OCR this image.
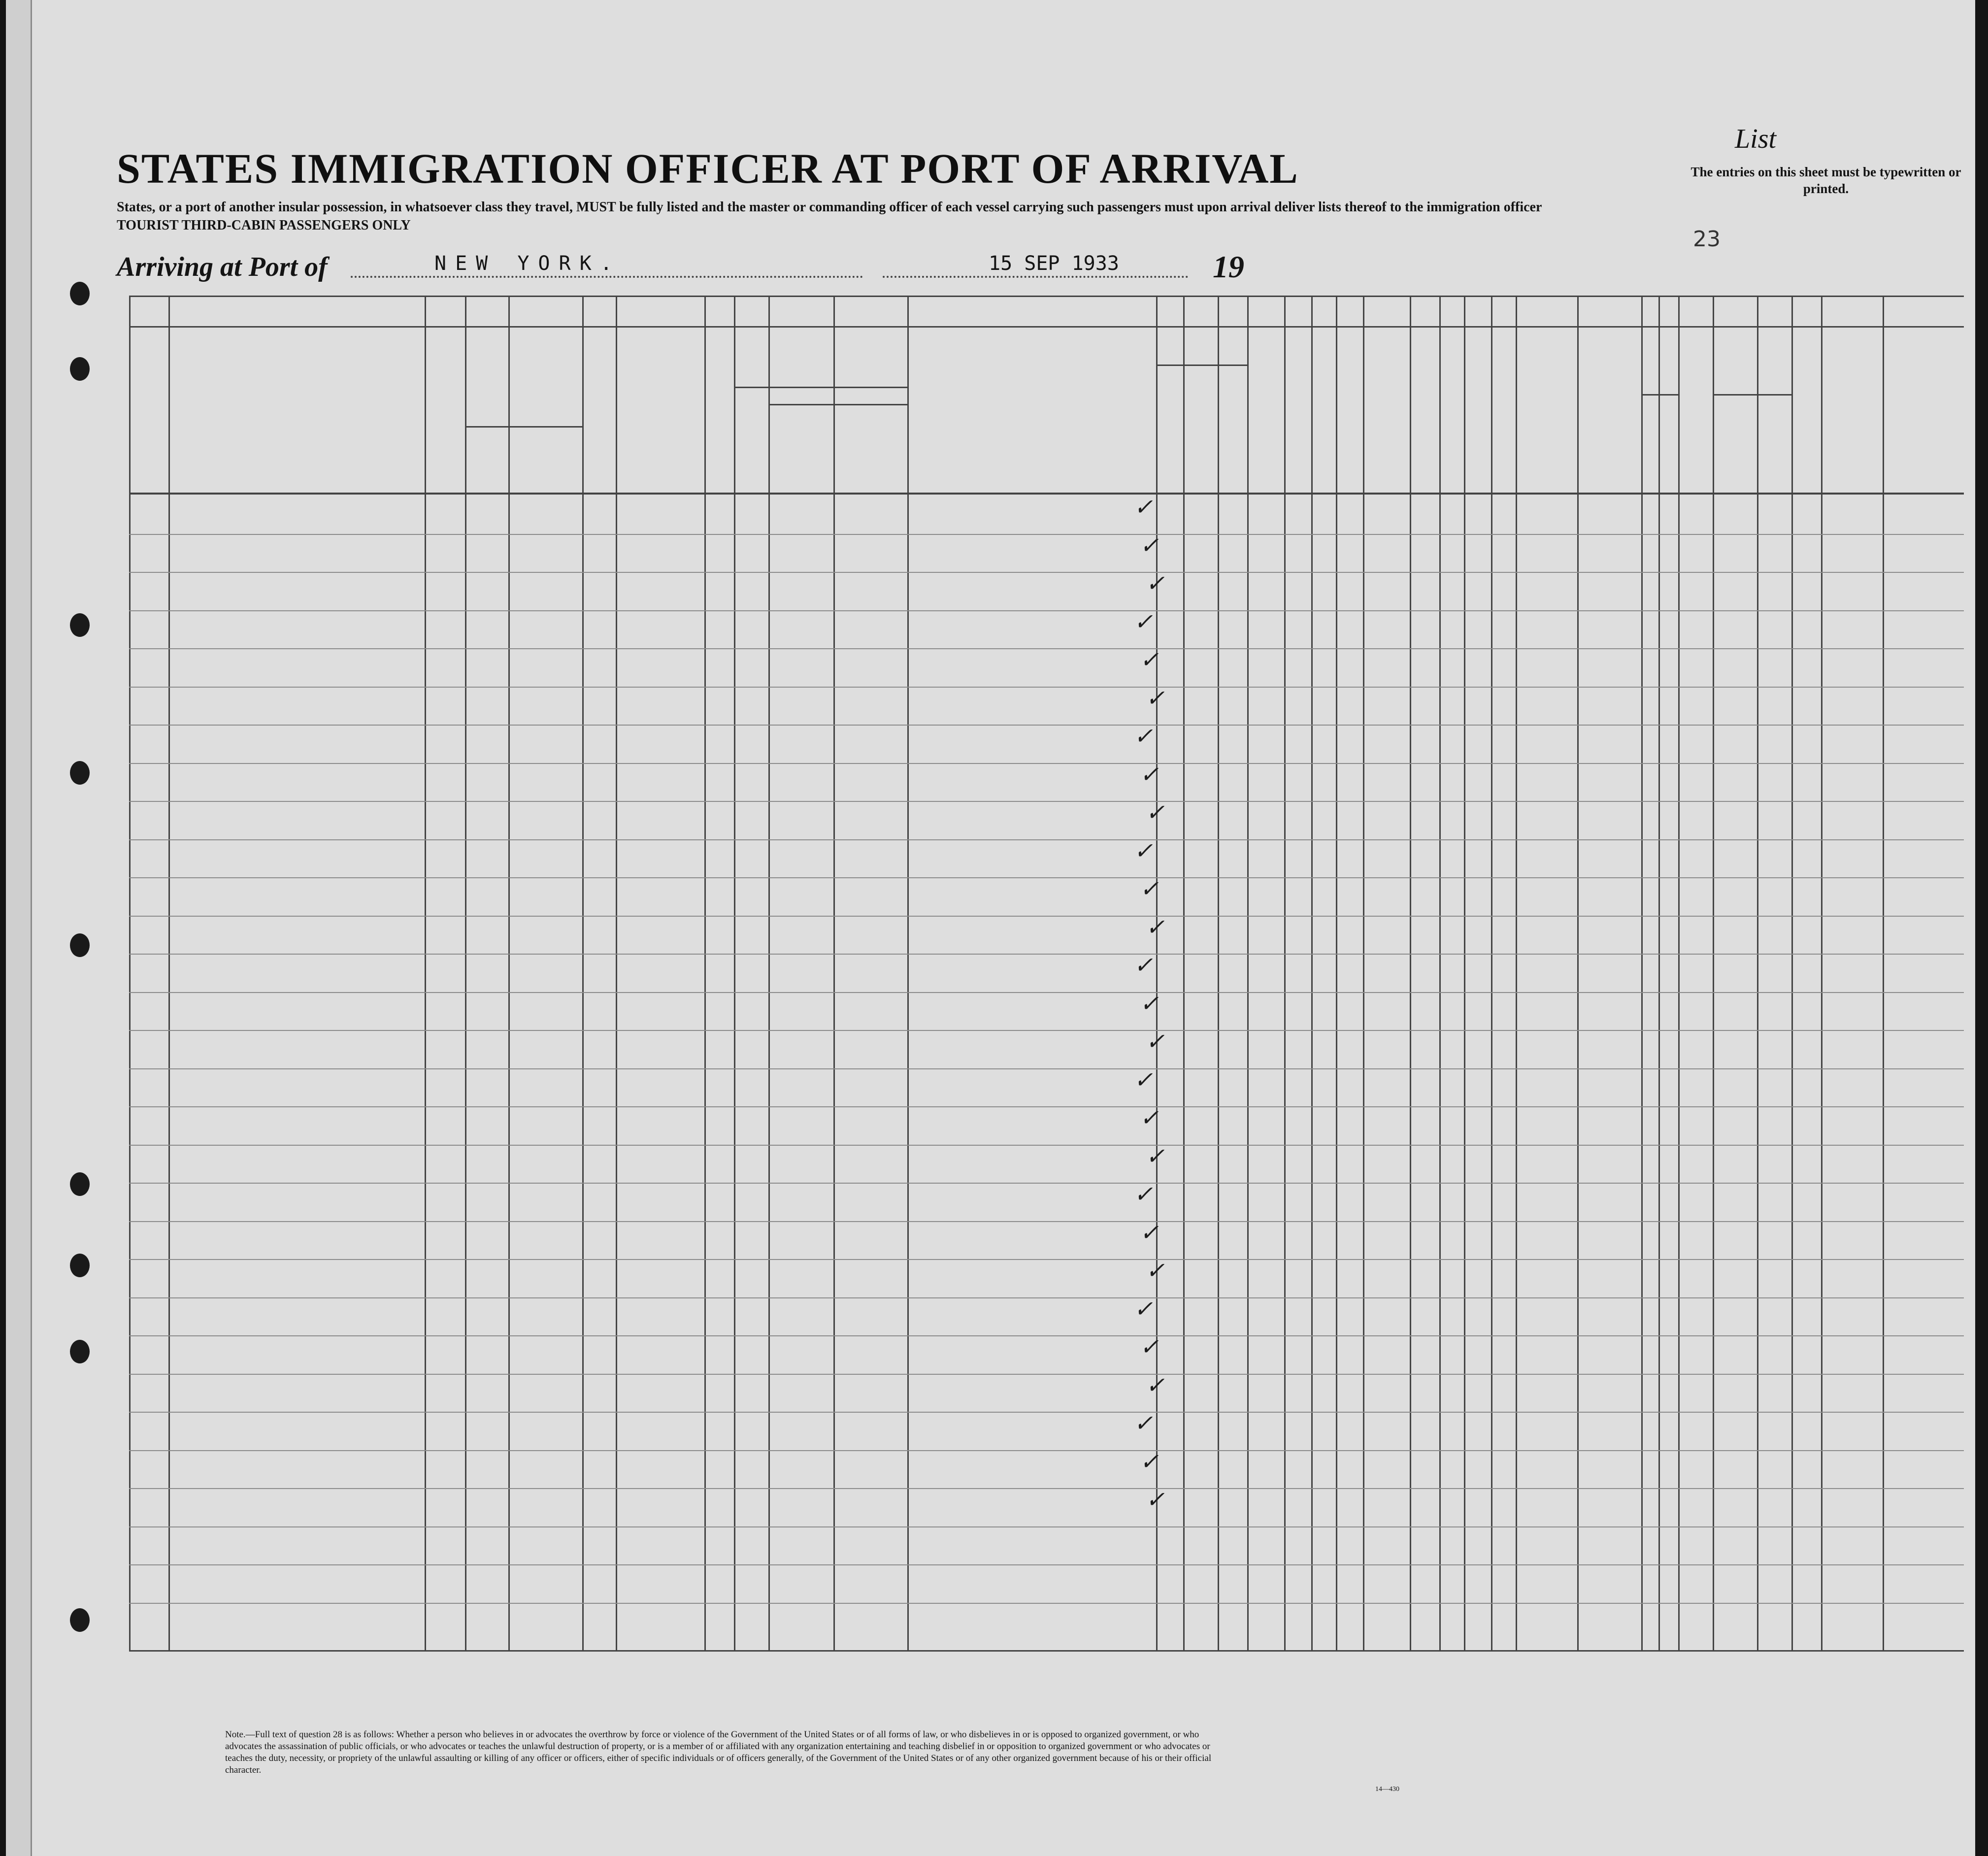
List
The entries on this sheet must be typewritten or printed.
23
STATES IMMIGRATION OFFICER AT PORT OF ARRIVAL
States, or a port of another insular possession, in whatsoever class they travel, MUST be fully listed and the master or commanding officer of each vessel carrying such passengers must upon arrival deliver lists thereof to the immigration officer
TOURIST THIRD-CABIN PASSENGERS ONLY
Arriving at Port of	NEW YORK.	15 SEP 1933	19
✓
✓
✓
✓
✓
✓
✓
✓
✓
✓
✓
✓
✓
✓
✓
✓
✓
✓
✓
✓
✓
✓
✓
✓
✓
✓
✓
Note.—Full text of question 28 is as follows: Whether a person who believes in or advocates the overthrow by force or violence of the Government of the United States or of all forms of law, or who disbelieves in or is opposed to organized government, or who advocates the assassination of public officials, or who advocates or teaches the unlawful destruction of property, or is a member of or affiliated with any organization entertaining and teaching disbelief in or opposition to organized government or who advocates or teaches the duty, necessity, or propriety of the unlawful assaulting or killing of any officer or officers, either of specific individuals or of officers generally, of the Government of the United States or of any other organized government because of his or their official character.
14—430
